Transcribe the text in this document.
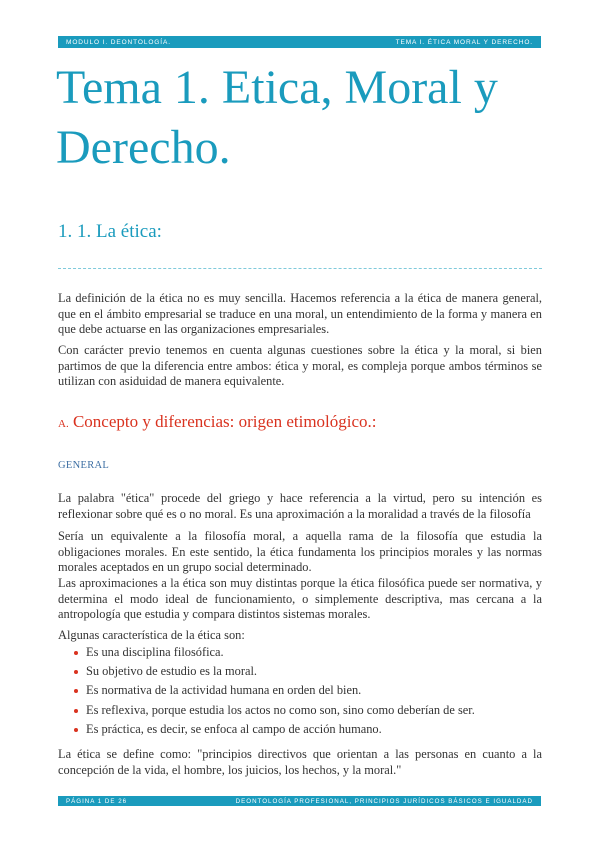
MODULO I. DEONTOLOGÍA.	TEMA I. ÉTICA MORAL Y DERECHO.
Tema 1. Etica, Moral y Derecho.
1. 1. La ética:

La definición de la ética no es muy sencilla. Hacemos referencia a la ética de manera general, que en el ámbito empresarial se traduce en una moral, un entendimiento de la forma y manera en que debe actuarse en las organizaciones empresariales.

Con carácter previo tenemos en cuenta algunas cuestiones sobre la ética y la moral, si bien partimos de que la diferencia entre ambos: ética y moral, es compleja porque ambos términos se utilizan con asiduidad de manera equivalente.

A. Concepto y diferencias: origen etimológico.:

GENERAL

La palabra "ética" procede del griego y hace referencia a la virtud, pero su intención es reflexionar sobre qué es o no moral. Es una aproximación a la moralidad a través de la filosofía

Sería un equivalente a la filosofía moral, a aquella rama de la filosofía que estudia la obligaciones morales. En este sentido, la ética fundamenta los principios morales y las normas morales aceptados en un grupo social determinado.

Las aproximaciones a la ética son muy distintas porque la ética filosófica puede ser normativa, y determina el modo ideal de funcionamiento, o simplemente descriptiva, mas cercana a la antropología que estudia y compara distintos sistemas morales.

Algunas característica de la ética son:

Es una disciplina filosófica.
Su objetivo de estudio es la moral.
Es normativa de la actividad humana en orden del bien.
Es reflexiva, porque estudia los actos no como son, sino como deberían de ser.
Es práctica, es decir, se enfoca al campo de acción humano.

La ética se define como: "principios directivos que orientan a las personas en cuanto a la concepción de la vida, el hombre, los juicios, los hechos, y la moral."

PÁGINA 1 DE 26	DEONTOLOGÍA PROFESIONAL, PRINCIPIOS JURÍDICOS BÁSICOS E IGUALDAD
